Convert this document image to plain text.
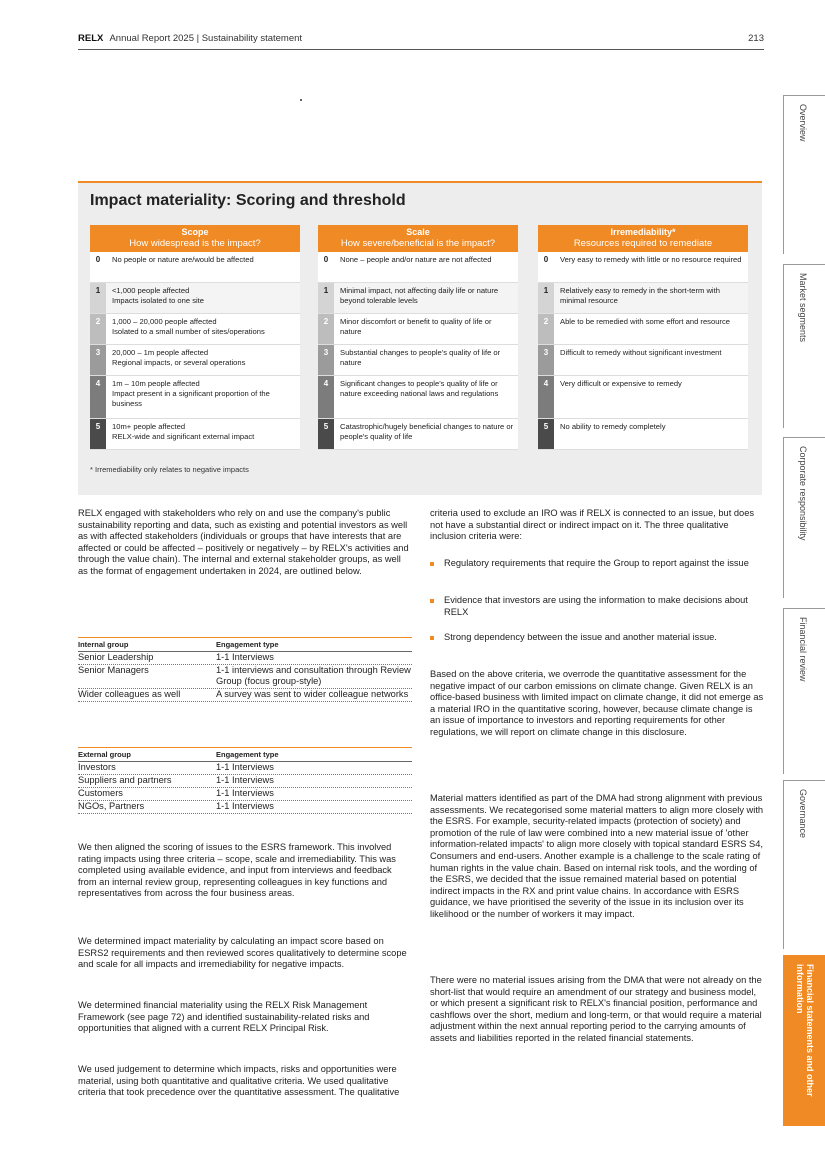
RELX Annual Report 2025 | Sustainability statement	213
Overview
Market segments
Corporate responsibility
Financial review
Governance
Financial statements and other information
Impact materiality: Scoring and threshold
Scope
How widespread is the impact?
0	No people or nature are/would be affected
1	<1,000 people affected
Impacts isolated to one site
2	1,000 – 20,000 people affected
Isolated to a small number of sites/operations
3	20,000 – 1m people affected
Regional impacts, or several operations
4	1m – 10m people affected
Impact present in a significant proportion of the business
5	10m+ people affected
RELX-wide and significant external impact
Scale
How severe/beneficial is the impact?
0	None – people and/or nature are not affected
1	Minimal impact, not affecting daily life or nature beyond tolerable levels
2	Minor discomfort or benefit to quality of life or nature
3	Substantial changes to people's quality of life or nature
4	Significant changes to people's quality of life or nature exceeding national laws and regulations
5	Catastrophic/hugely beneficial changes to nature or people's quality of life
Irremediability*
Resources required to remediate
0	Very easy to remedy with little or no resource required
1	Relatively easy to remedy in the short-term with minimal resource
2	Able to be remedied with some effort and resource
3	Difficult to remedy without significant investment
4	Very difficult or expensive to remedy
5	No ability to remedy completely
* Irremediability only relates to negative impacts

RELX engaged with stakeholders who rely on and use the company's public sustainability reporting and data, such as existing and potential investors as well as with affected stakeholders (individuals or groups that have interests that are affected or could be affected – positively or negatively – by RELX's activities and through the value chain). The internal and external stakeholder groups, as well as the format of engagement undertaken in 2024, are outlined below.

Internal group	Engagement type
Senior Leadership	1-1 Interviews
Senior Managers	1-1 interviews and consultation through Review Group (focus group-style)
Wider colleagues as well	A survey was sent to wider colleague networks
External group	Engagement type
Investors	1-1 Interviews
Suppliers and partners	1-1 Interviews
Customers	1-1 Interviews
NGOs, Partners	1-1 Interviews

We then aligned the scoring of issues to the ESRS framework. This involved rating impacts using three criteria – scope, scale and irremediability. This was completed using available evidence, and input from interviews and feedback from an internal review group, representing colleagues in key functions and representatives from across the four business areas.

We determined impact materiality by calculating an impact score based on ESRS2 requirements and then reviewed scores qualitatively to determine scope and scale for all impacts and irremediability for negative impacts.

We determined financial materiality using the RELX Risk Management Framework (see page 72) and identified sustainability-related risks and opportunities that aligned with a current RELX Principal Risk.

We used judgement to determine which impacts, risks and opportunities were material, using both quantitative and qualitative criteria. We used qualitative criteria that took precedence over the quantitative assessment. The qualitative

criteria used to exclude an IRO was if RELX is connected to an issue, but does not have a substantial direct or indirect impact on it. The three qualitative inclusion criteria were:

Regulatory requirements that require the Group to report against the issue
Evidence that investors are using the information to make decisions about RELX
Strong dependency between the issue and another material issue.

Based on the above criteria, we overrode the quantitative assessment for the negative impact of our carbon emissions on climate change. Given RELX is an office-based business with limited impact on climate change, it did not emerge as a material IRO in the quantitative scoring, however, because climate change is an issue of importance to investors and reporting requirements for other regulations, we will report on climate change in this disclosure.

Material matters identified as part of the DMA had strong alignment with previous assessments. We recategorised some material matters to align more closely with the ESRS. For example, security-related impacts (protection of society) and promotion of the rule of law were combined into a new material issue of 'other information-related impacts' to align more closely with topical standard ESRS S4, Consumers and end-users. Another example is a challenge to the scale rating of human rights in the value chain. Based on internal risk tools, and the wording of the ESRS, we decided that the issue remained material based on potential indirect impacts in the RX and print value chains. In accordance with ESRS guidance, we have prioritised the severity of the issue in its inclusion over its likelihood or the number of workers it may impact.

There were no material issues arising from the DMA that were not already on the short-list that would require an amendment of our strategy and business model, or which present a significant risk to RELX's financial position, performance and cashflows over the short, medium and long-term, or that would require a material adjustment within the next annual reporting period to the carrying amounts of assets and liabilities reported in the related financial statements.
